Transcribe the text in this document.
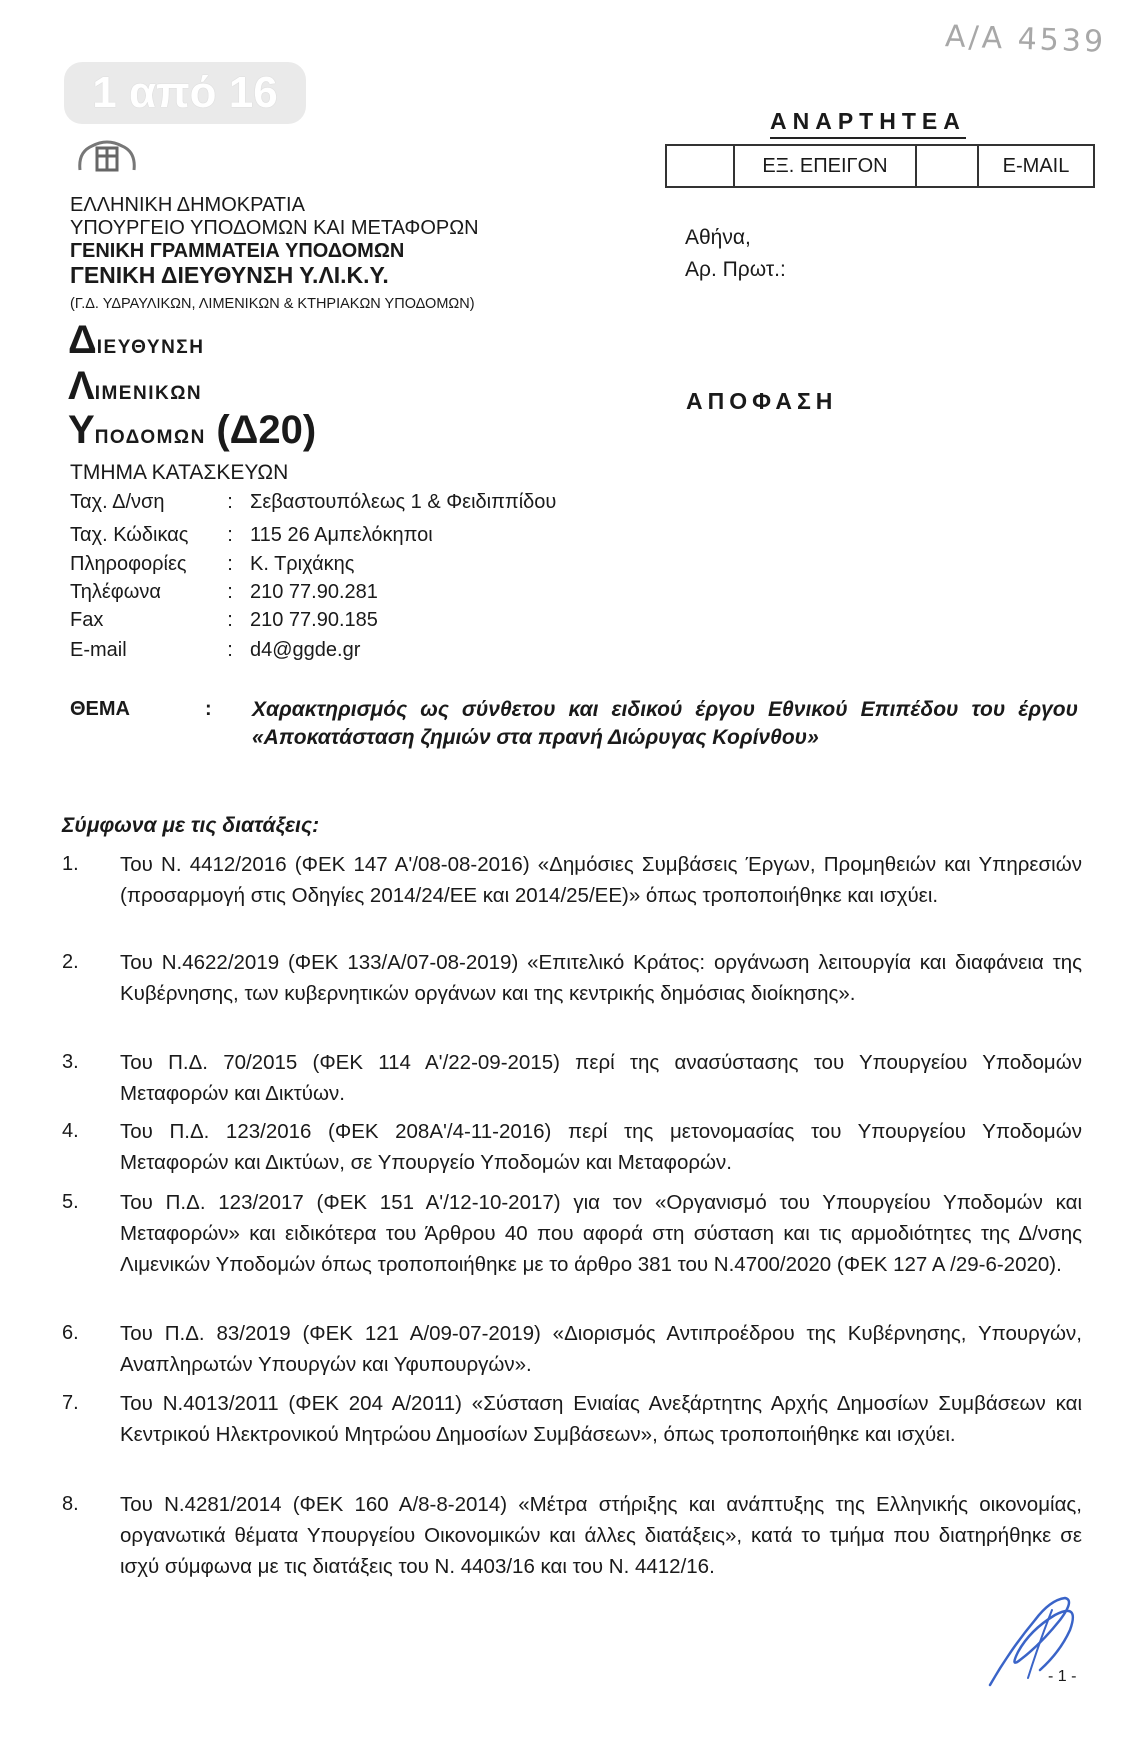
1 από 16
Α/Α 4539
ΕΛΛΗΝΙΚΗ ΔΗΜΟΚΡΑΤΙΑ
ΥΠΟΥΡΓΕΙΟ ΥΠΟΔΟΜΩΝ ΚΑΙ ΜΕΤΑΦΟΡΩΝ
ΓΕΝΙΚΗ ΓΡΑΜΜΑΤΕΙΑ ΥΠΟΔΟΜΩΝ
ΓΕΝΙΚΗ ΔΙΕΥΘΥΝΣΗ Υ.ΛΙ.Κ.Υ.
(Γ.Δ. ΥΔΡΑΥΛΙΚΩΝ, ΛΙΜΕΝΙΚΩΝ & ΚΤΗΡΙΑΚΩΝ ΥΠΟΔΟΜΩΝ)
ΔΙΕΥΘΥΝΣΗ
ΛΙΜΕΝΙΚΩΝ
ΥΠΟΔΟΜΩΝ (Δ20)
ΤΜΗΜΑ ΚΑΤΑΣΚΕΥΩΝ
Ταχ. Δ/νση	: Σεβαστουπόλεως 1 & Φειδιππίδου
Ταχ. Κώδικας	: 115 26 Αμπελόκηποι
Πληροφορίες	: Κ. Τριχάκης
Τηλέφωνα	: 210 77.90.281
Fax	: 210 77.90.185
E-mail	: d4@ggde.gr
ΑΝΑΡΤΗΤΕΑ
ΕΞ. ΕΠΕΙΓΟΝ	E-MAIL
Αθήνα,
Αρ. Πρωτ.:
ΑΠΟΦΑΣΗ
ΘΕΜΑ	: Χαρακτηρισμός ως σύνθετου και ειδικού έργου Εθνικού Επιπέδου του έργου «Αποκατάσταση ζημιών στα πρανή Διώρυγας Κορίνθου»
Σύμφωνα με τις διατάξεις:
1.	Του Ν. 4412/2016 (ΦΕΚ 147 Α'/08-08-2016) «Δημόσιες Συμβάσεις Έργων, Προμηθειών και Υπηρεσιών (προσαρμογή στις Οδηγίες 2014/24/ΕΕ και 2014/25/ΕΕ)» όπως τροποποιήθηκε και ισχύει.
2.	Του Ν.4622/2019 (ΦΕΚ 133/Α/07-08-2019) «Επιτελικό Κράτος: οργάνωση λειτουργία και διαφάνεια της Κυβέρνησης, των κυβερνητικών οργάνων και της κεντρικής δημόσιας διοίκησης».
3.	Του Π.Δ. 70/2015 (ΦΕΚ 114 Α'/22-09-2015) περί της ανασύστασης του Υπουργείου Υποδομών Μεταφορών και Δικτύων.
4.	Του Π.Δ. 123/2016 (ΦΕΚ 208Α'/4-11-2016) περί της μετονομασίας του Υπουργείου Υποδομών Μεταφορών και Δικτύων, σε Υπουργείο Υποδομών και Μεταφορών.
5.	Του Π.Δ. 123/2017 (ΦΕΚ 151 Α'/12-10-2017) για τον «Οργανισμό του Υπουργείου Υποδομών και Μεταφορών» και ειδικότερα του Άρθρου 40 που αφορά στη σύσταση και τις αρμοδιότητες της Δ/νσης Λιμενικών Υποδομών όπως τροποποιήθηκε με το άρθρο 381 του Ν.4700/2020 (ΦΕΚ 127 Α /29-6-2020).
6.	Του Π.Δ. 83/2019 (ΦΕΚ 121 Α/09-07-2019) «Διορισμός Αντιπροέδρου της Κυβέρνησης, Υπουργών, Αναπληρωτών Υπουργών και Υφυπουργών».
7.	Του Ν.4013/2011 (ΦΕΚ 204 Α/2011) «Σύσταση Ενιαίας Ανεξάρτητης Αρχής Δημοσίων Συμβάσεων και Κεντρικού Ηλεκτρονικού Μητρώου Δημοσίων Συμβάσεων», όπως τροποποιήθηκε και ισχύει.
8.	Του Ν.4281/2014 (ΦΕΚ 160 Α/8-8-2014) «Μέτρα στήριξης και ανάπτυξης της Ελληνικής οικονομίας, οργανωτικά θέματα Υπουργείου Οικονομικών και άλλες διατάξεις», κατά το τμήμα που διατηρήθηκε σε ισχύ σύμφωνα με τις διατάξεις του Ν. 4403/16 και του Ν. 4412/16.
- 1 -
